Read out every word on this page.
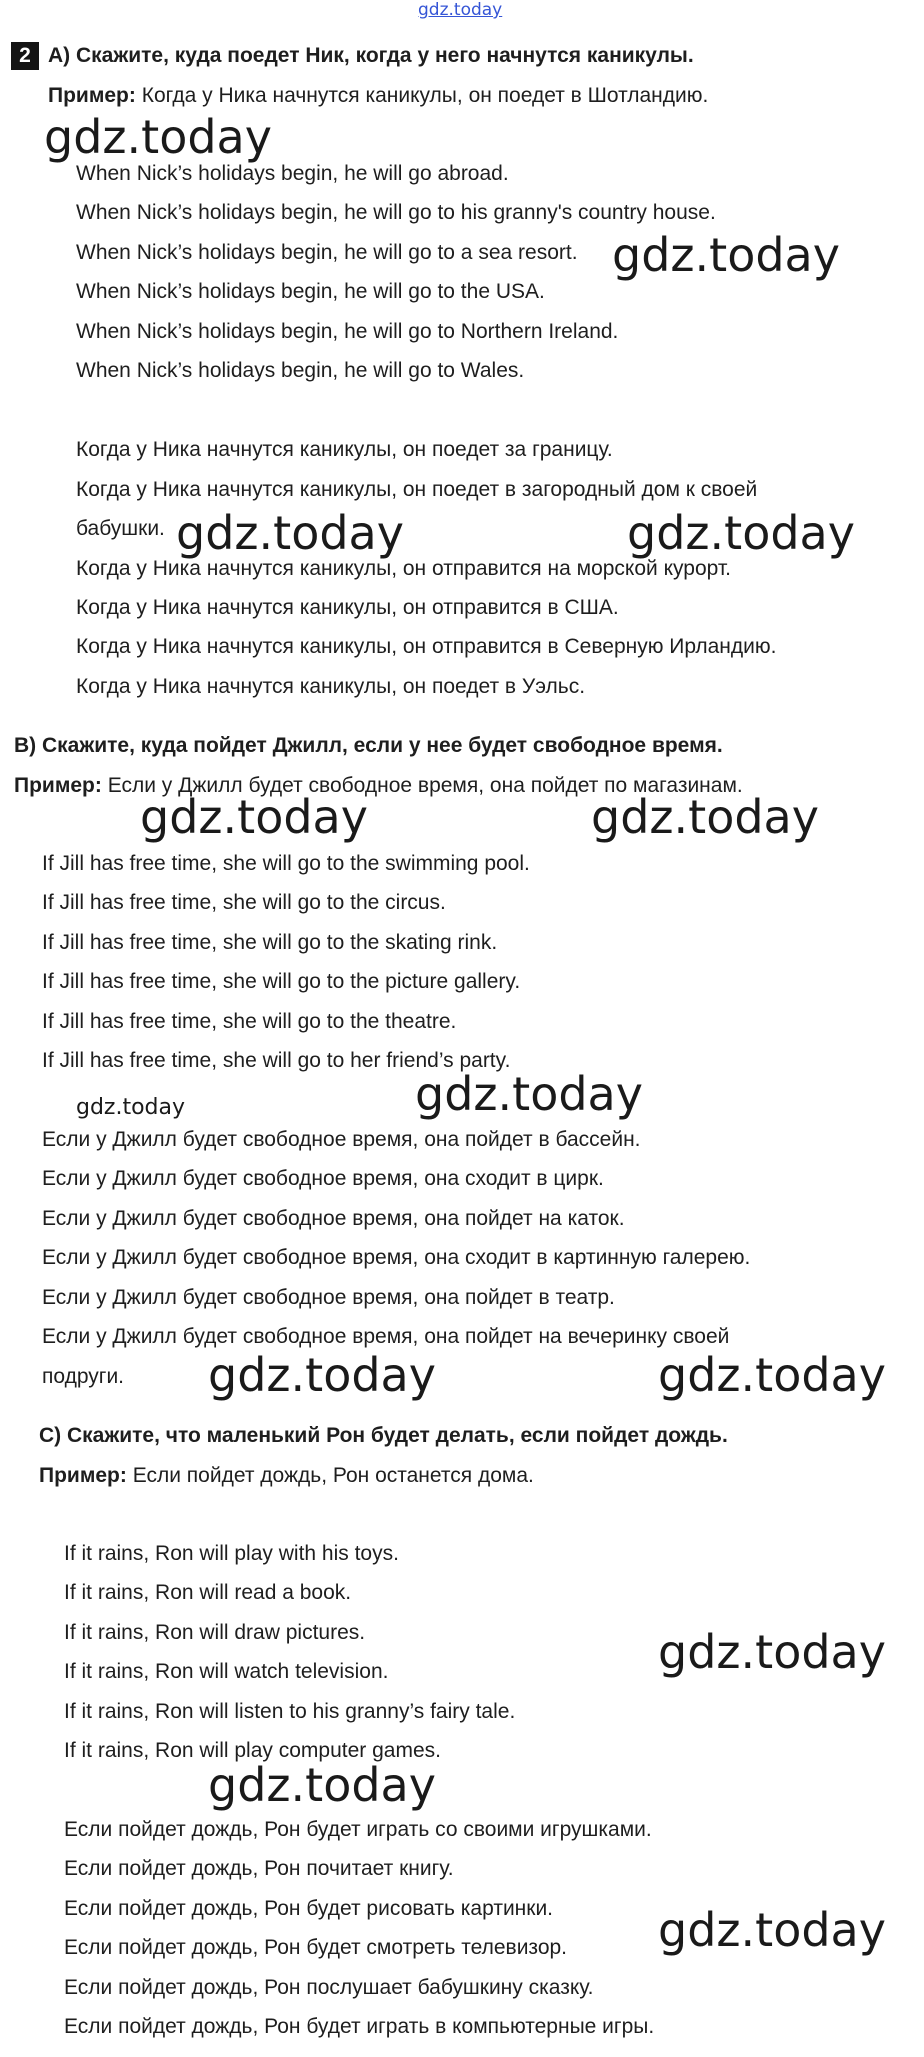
gdz.today
2 А) Скажите, куда поедет Ник, когда у него начнутся каникулы.
Пример: Когда у Ника начнутся каникулы, он поедет в Шотландию.
When Nick’s holidays begin, he will go abroad.
When Nick’s holidays begin, he will go to his granny's country house.
When Nick’s holidays begin, he will go to a sea resort.
When Nick’s holidays begin, he will go to the USA.
When Nick’s holidays begin, he will go to Northern Ireland.
When Nick’s holidays begin, he will go to Wales.
Когда у Ника начнутся каникулы, он поедет за границу.
Когда у Ника начнутся каникулы, он поедет в загородный дом к своей
бабушки.
Когда у Ника начнутся каникулы, он отправится на морской курорт.
Когда у Ника начнутся каникулы, он отправится в США.
Когда у Ника начнутся каникулы, он отправится в Северную Ирландию.
Когда у Ника начнутся каникулы, он поедет в Уэльс.
В) Скажите, куда пойдет Джилл, если у нее будет свободное время.
Пример: Если у Джилл будет свободное время, она пойдет по магазинам.
If Jill has free time, she will go to the swimming pool.
If Jill has free time, she will go to the circus.
If Jill has free time, she will go to the skating rink.
If Jill has free time, she will go to the picture gallery.
If Jill has free time, she will go to the theatre.
If Jill has free time, she will go to her friend’s party.
Если у Джилл будет свободное время, она пойдет в бассейн.
Если у Джилл будет свободное время, она сходит в цирк.
Если у Джилл будет свободное время, она пойдет на каток.
Если у Джилл будет свободное время, она сходит в картинную галерею.
Если у Джилл будет свободное время, она пойдет в театр.
Если у Джилл будет свободное время, она пойдет на вечеринку своей
подруги.
С) Скажите, что маленький Рон будет делать, если пойдет дождь.
Пример: Если пойдет дождь, Рон останется дома.
If it rains, Ron will play with his toys.
If it rains, Ron will read a book.
If it rains, Ron will draw pictures.
If it rains, Ron will watch television.
If it rains, Ron will listen to his granny’s fairy tale.
If it rains, Ron will play computer games.
Если пойдет дождь, Рон будет играть со своими игрушками.
Если пойдет дождь, Рон почитает книгу.
Если пойдет дождь, Рон будет рисовать картинки.
Если пойдет дождь, Рон будет смотреть телевизор.
Если пойдет дождь, Рон послушает бабушкину сказку.
Если пойдет дождь, Рон будет играть в компьютерные игры.
gdz.today
gdz.today
gdz.today	gdz.today
gdz.today	gdz.today
gdz.today	gdz.today
gdz.today	gdz.today
gdz.today
gdz.today
gdz.today
